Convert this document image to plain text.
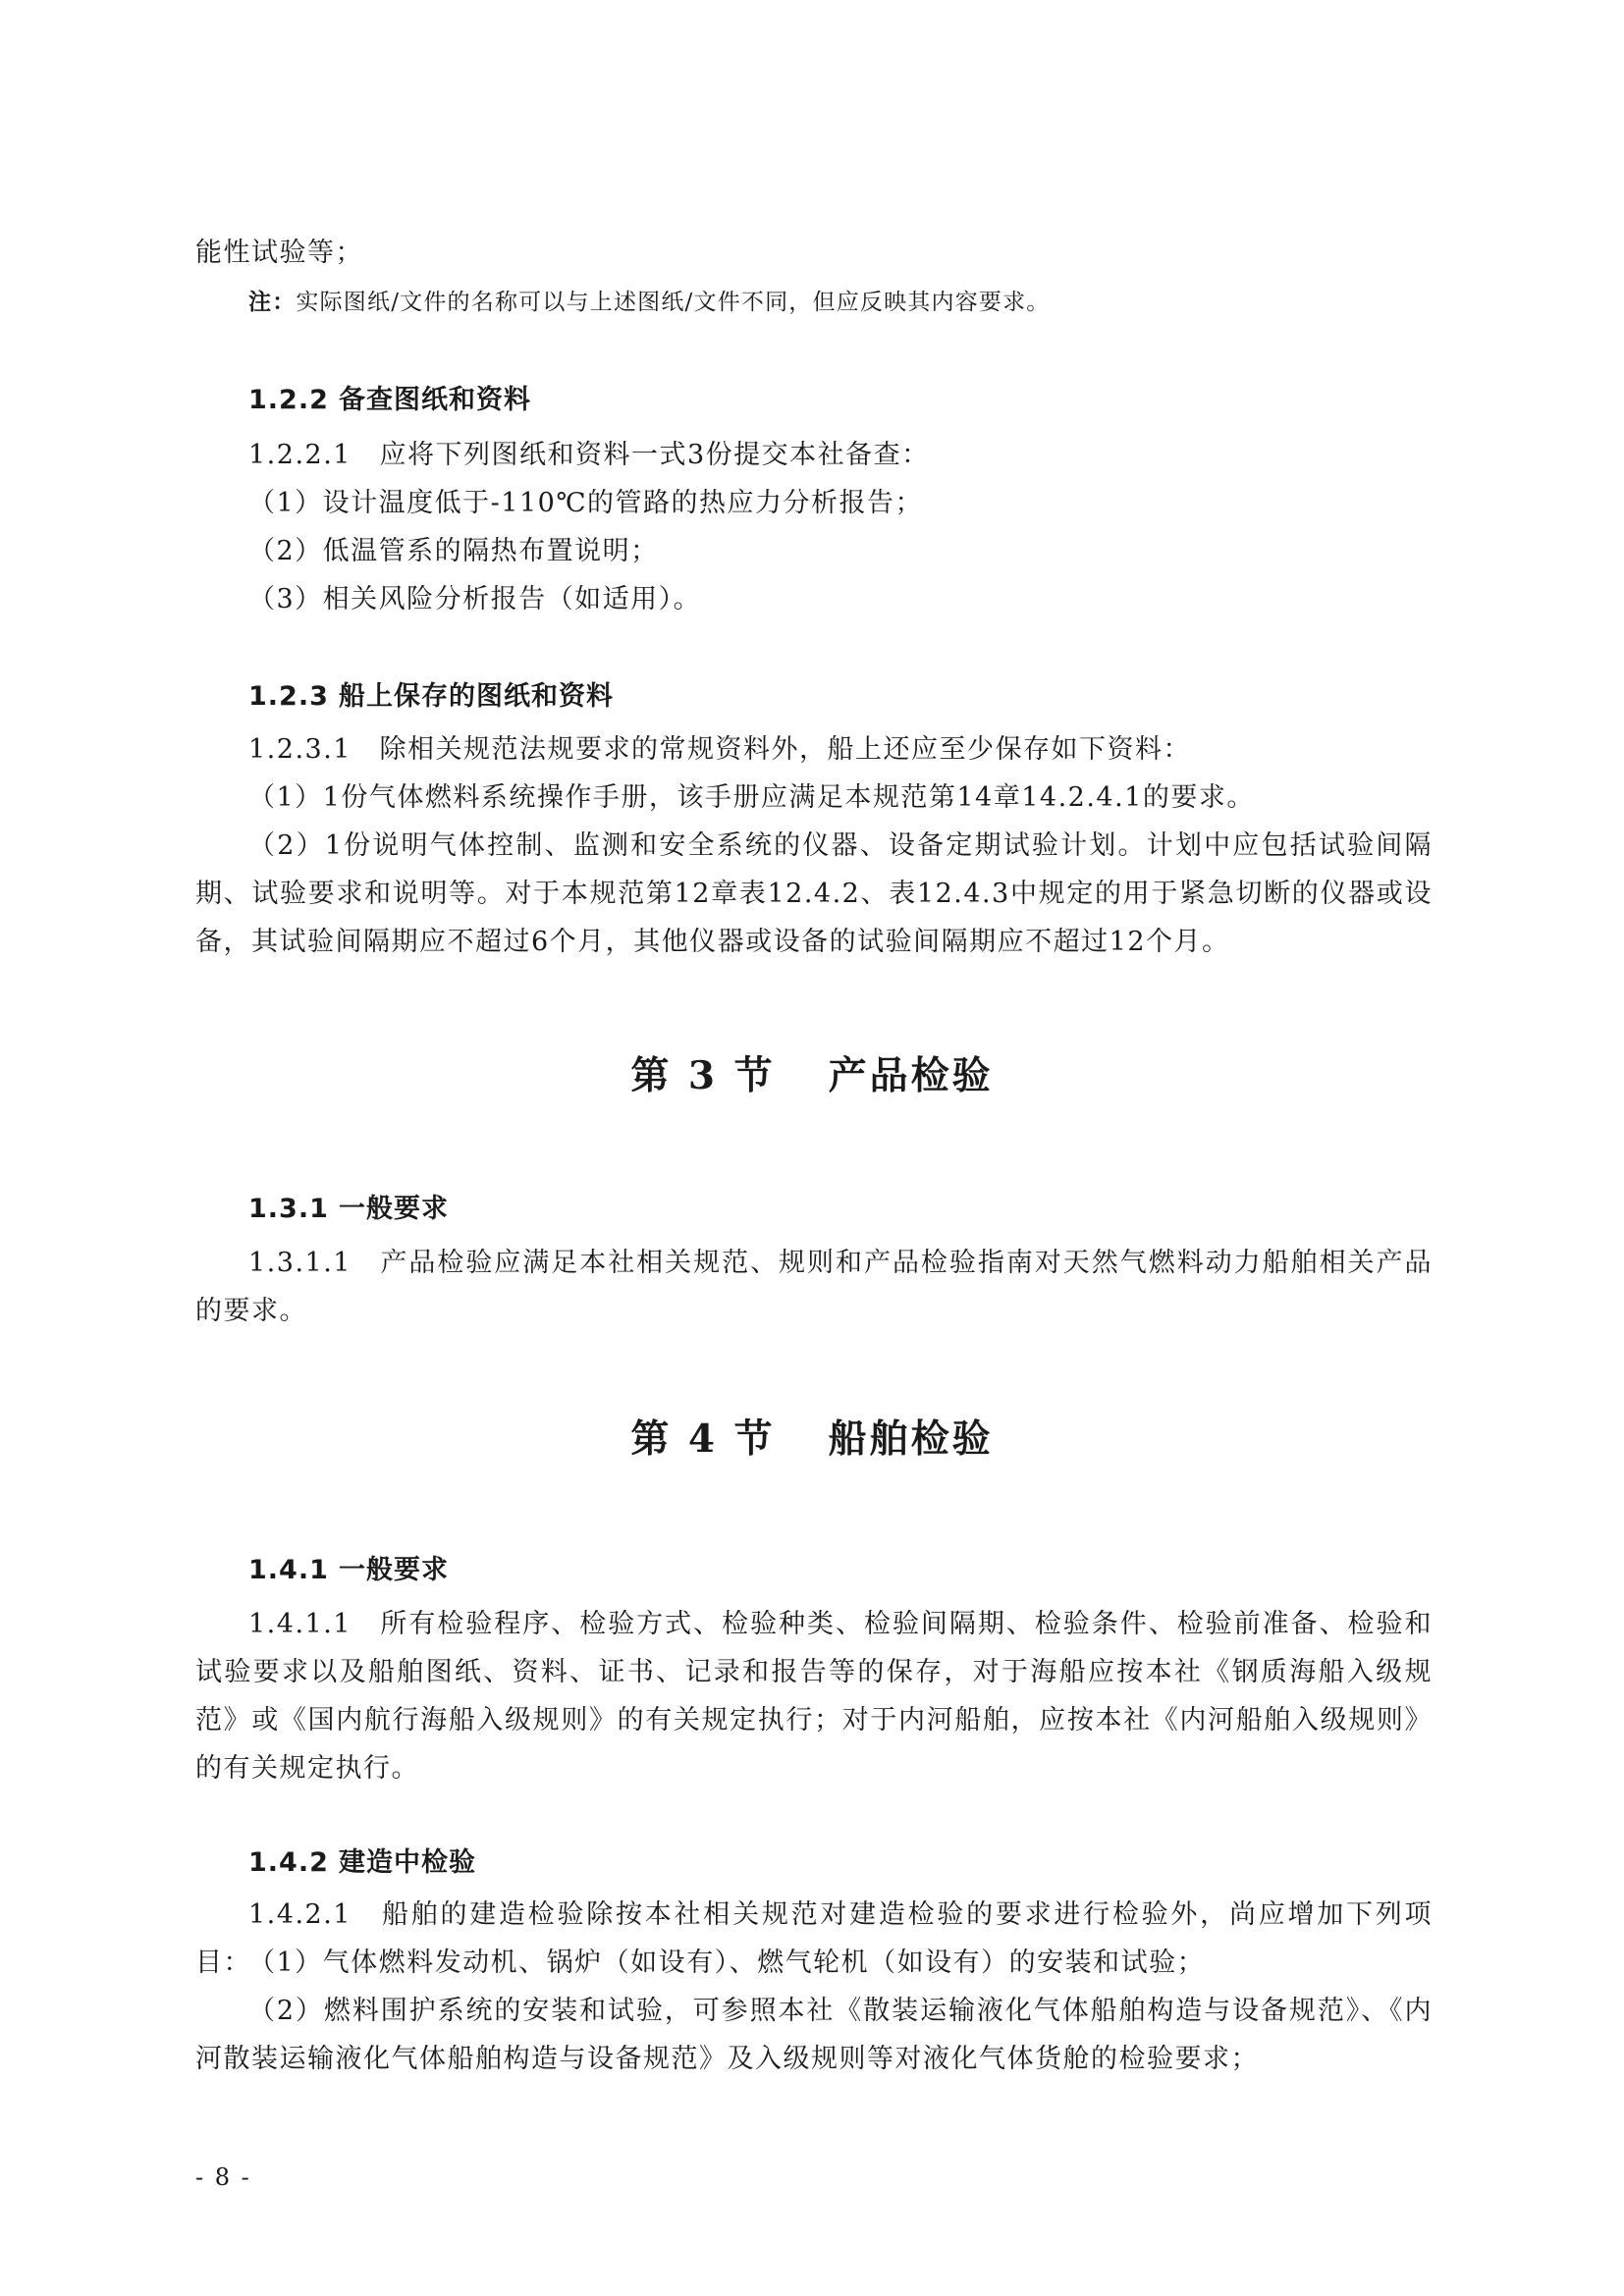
能性试验等；

注：实际图纸/文件的名称可以与上述图纸/文件不同，但应反映其内容要求。

1.2.2 备查图纸和资料

1.2.2.1　应将下列图纸和资料一式3份提交本社备查：

（1）设计温度低于-110℃的管路的热应力分析报告；

（2）低温管系的隔热布置说明；

（3）相关风险分析报告（如适用）。

1.2.3 船上保存的图纸和资料

1.2.3.1　除相关规范法规要求的常规资料外，船上还应至少保存如下资料：

（1）1份气体燃料系统操作手册，该手册应满足本规范第14章14.2.4.1的要求。

（2）1份说明气体控制、监测和安全系统的仪器、设备定期试验计划。计划中应包括试验间隔期、试验要求和说明等。对于本规范第12章表12.4.2、表12.4.3中规定的用于紧急切断的仪器或设备，其试验间隔期应不超过6个月，其他仪器或设备的试验间隔期应不超过12个月。

第 3 节 产品检验
1.3.1 一般要求

1.3.1.1　产品检验应满足本社相关规范、规则和产品检验指南对天然气燃料动力船舶相关产品的要求。

第 4 节 船舶检验
1.4.1 一般要求

1.4.1.1　所有检验程序、检验方式、检验种类、检验间隔期、检验条件、检验前准备、检验和试验要求以及船舶图纸、资料、证书、记录和报告等的保存，对于海船应按本社《钢质海船入级规范》或《国内航行海船入级规则》的有关规定执行；对于内河船舶，应按本社《内河船舶入级规则》的有关规定执行。

1.4.2 建造中检验

1.4.2.1　船舶的建造检验除按本社相关规范对建造检验的要求进行检验外，尚应增加下列项目：

（1）气体燃料发动机、锅炉（如设有）、燃气轮机（如设有）的安装和试验；

（2）燃料围护系统的安装和试验，可参照本社《散装运输液化气体船舶构造与设备规范》、《内河散装运输液化气体船舶构造与设备规范》及入级规则等对液化气体货舱的检验要求；

- 8 -
